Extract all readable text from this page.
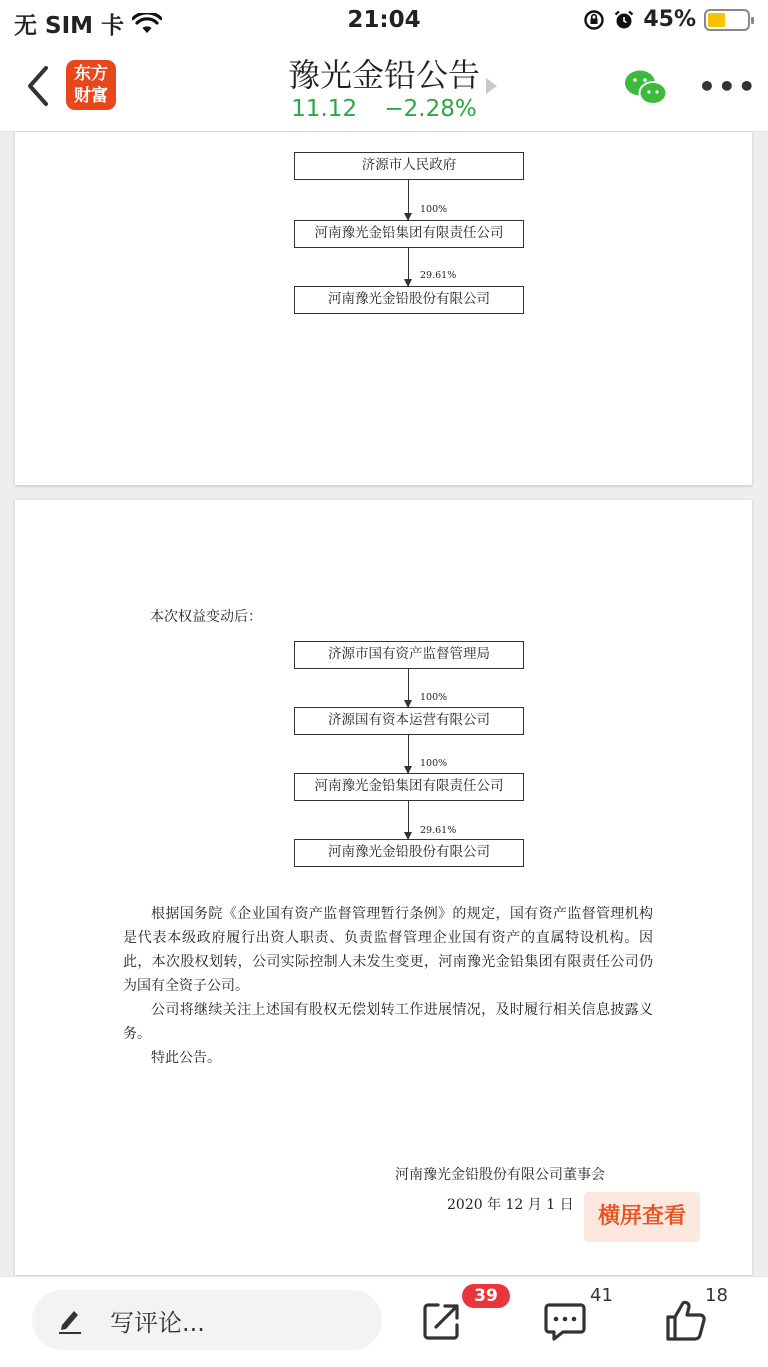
无 SIM 卡	21:04	45%
东方
财富
豫光金铅公告
11.12 −2.28%
•••
济源市人民政府
100%
河南豫光金铅集团有限责任公司
29.61%
河南豫光金铅股份有限公司
本次权益变动后：
济源市国有资产监督管理局
100%
济源国有资本运营有限公司
100%
河南豫光金铅集团有限责任公司
29.61%
河南豫光金铅股份有限公司

根据国务院《企业国有资产监督管理暂行条例》的规定，国有资产监督管理机构是代表本级政府履行出资人职责、负责监督管理企业国有资产的直属特设机构。因此，本次股权划转，公司实际控制人未发生变更，河南豫光金铅集团有限责任公司仍为国有全资子公司。

公司将继续关注上述国有股权无偿划转工作进展情况，及时履行相关信息披露义务。

特此公告。

河南豫光金铅股份有限公司董事会
2020 年 12 月 1 日	横屏查看
写评论...
39	41	18
